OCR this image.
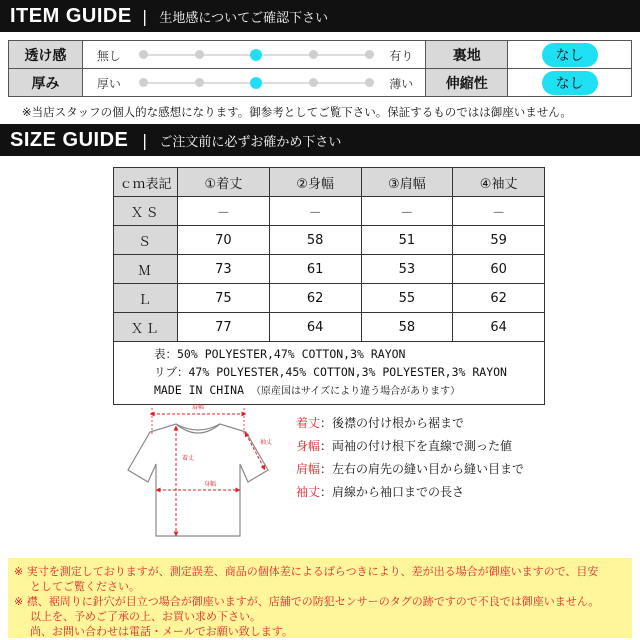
ITEM GUIDE | 生地感についてご確認下さい
透け感	無し 有り	裏地	なし
厚み	厚い 薄い	伸縮性	なし
※当店スタッフの個人的な感想になります。御参考としてご覧下さい。保証するものではは御座いません。
SIZE GUIDE | ご注文前に必ずお確かめ下さい
ｃｍ表記	①着丈	②身幅	③肩幅	④袖丈
ＸＳ	－	－	－	－
Ｓ	70	58	51	59
Ｍ	73	61	53	60
Ｌ	75	62	55	62
ＸＬ	77	64	58	64

表：50% POLYESTER,47% COTTON,3% RAYON
リブ：47% POLYESTER,45% COTTON,3% POLYESTER,3% RAYON
MADE IN CHINA （原産国はサイズにより違う場合があります）				
肩幅
着丈
身幅
袖丈
着丈：後襟の付け根から裾まで
身幅：両袖の付け根下を直線で測った値
肩幅：左右の肩先の縫い目から縫い目まで
袖丈：肩線から袖口までの長さ
※ 実寸を測定しておりますが、測定誤差、商品の個体差によるばらつきにより、差が出る場合が御座いますので、目安
としてご覧ください。
※ 襟、裾周りに針穴が目立つ場合が御座いますが、店舗での防犯センサーのタグの跡ですので不良では御座いません。
以上を、予めご了承の上、お買い求め下さい。
尚、お問い合わせは電話・メールでお願い致します。
